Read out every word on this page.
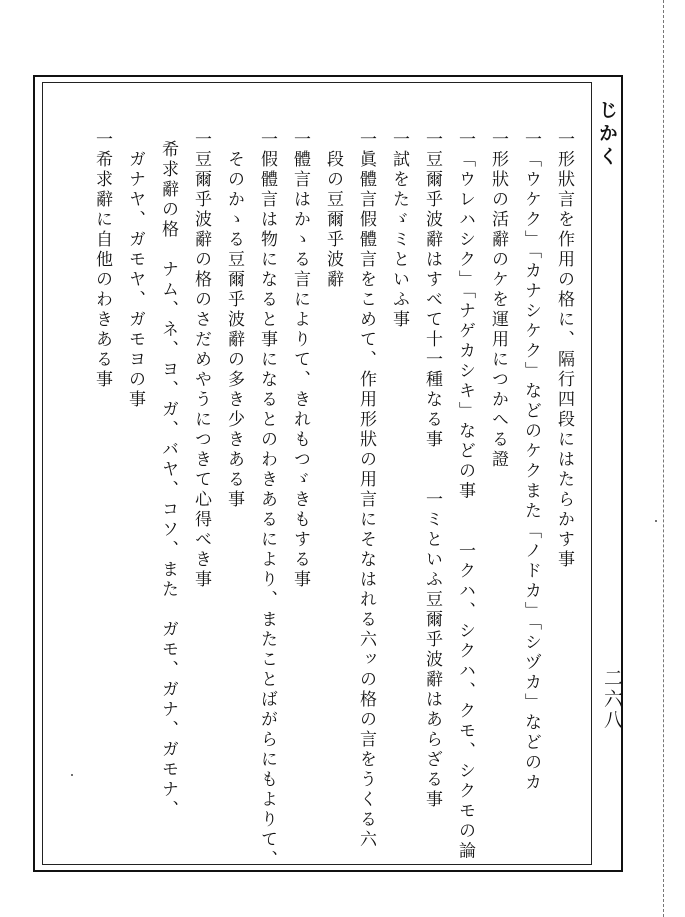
じかく
二六八
一形狀言を作用の格に、隔行四段にはたらかす事
一「ウケク」「カナシケク」などのケクまた「ノドカ」「シヅカ」などのカ
一形狀の活辭のケを運用につかへる證
一「ウレハシク」「ナゲカシキ」などの事　　一クハ、シクハ、クモ、シクモの論
一豆爾乎波辭はすべて十一種なる事　　一ミといふ豆爾乎波辭はあらざる事
一試をたゞミといふ事
一眞體言假體言をこめて、作用形狀の用言にそなはれる六ッの格の言をうくる六
段の豆爾乎波辭
一體言はかゝる言によりて、きれもつゞきもする事
一假體言は物になると事になるとのわきあるにより、またことばがらにもよりて、
そのかゝる豆爾乎波辭の多き少きある事
一豆爾乎波辭の格のさだめやうにつきて心得べき事
希求辭の格　ナム、ネ、ヨ、ガ、バヤ、コソ、また　ガモ、ガナ、ガモナ、
ガナヤ、ガモヤ、ガモヨの事
一希求辭に自他のわきある事
